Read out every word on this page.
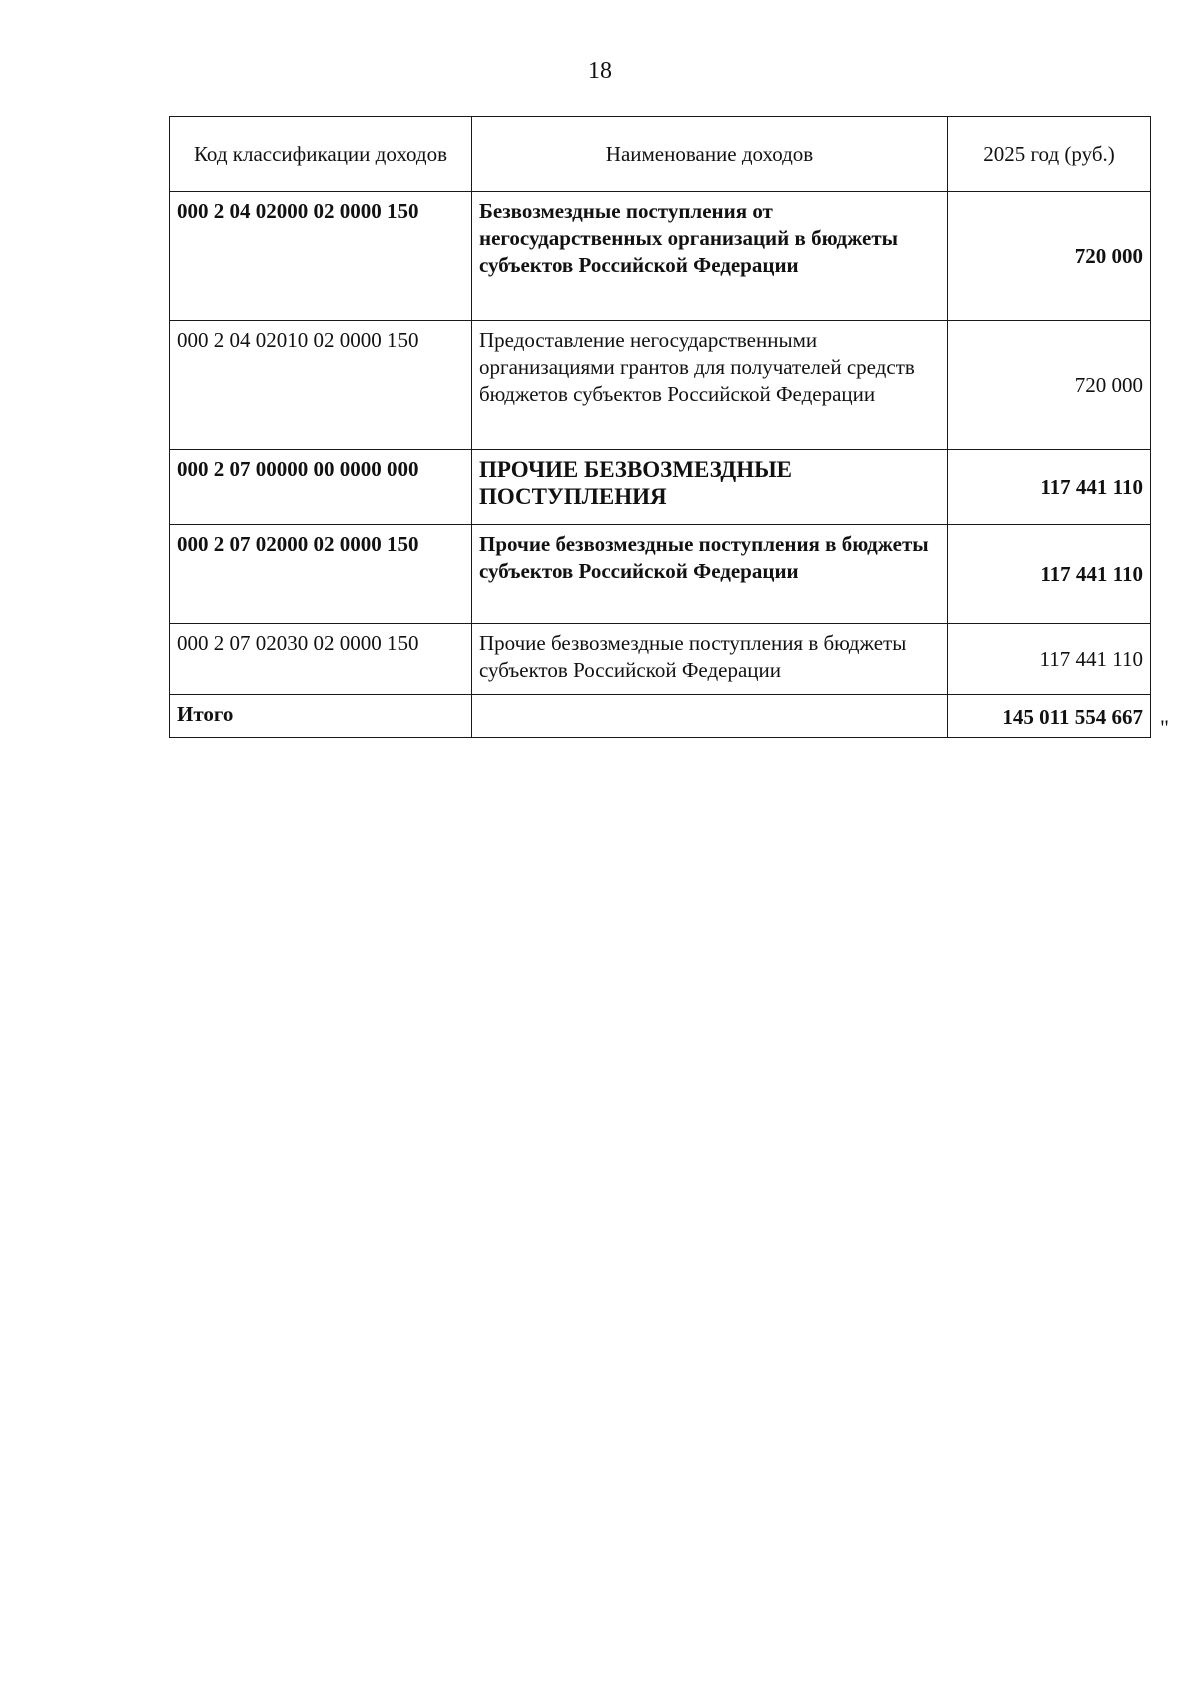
18
Код классификации доходов	Наименование доходов	2025 год (руб.)
000 2 04 02000 02 0000 150	Безвозмездные поступления от негосударственных организаций в бюджеты субъектов Российской Федерации	720 000
000 2 04 02010 02 0000 150	Предоставление негосударственными организациями грантов для получателей средств бюджетов субъектов Российской Федерации	720 000
000 2 07 00000 00 0000 000	ПРОЧИЕ БЕЗВОЗМЕЗДНЫЕ ПОСТУПЛЕНИЯ	117 441 110
000 2 07 02000 02 0000 150	Прочие безвозмездные поступления в бюджеты субъектов Российской Федерации	117 441 110
000 2 07 02030 02 0000 150	Прочие безвозмездные поступления в бюджеты субъектов Российской Федерации	117 441 110
Итого		145 011 554 667 "
